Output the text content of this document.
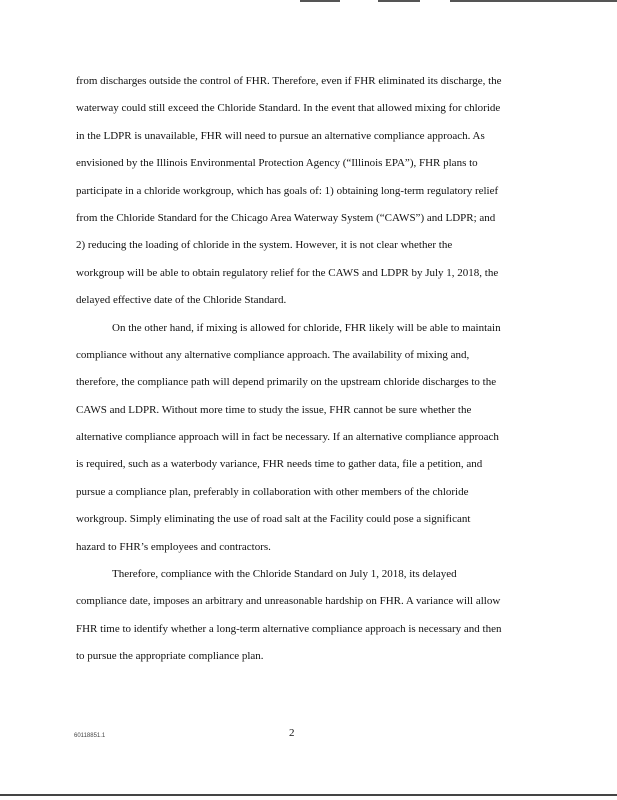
from discharges outside the control of FHR. Therefore, even if FHR eliminated its discharge, the
waterway could still exceed the Chloride Standard. In the event that allowed mixing for chloride
in the LDPR is unavailable, FHR will need to pursue an alternative compliance approach. As
envisioned by the Illinois Environmental Protection Agency (“Illinois EPA”), FHR plans to
participate in a chloride workgroup, which has goals of: 1) obtaining long-term regulatory relief
from the Chloride Standard for the Chicago Area Waterway System (“CAWS”) and LDPR; and
2) reducing the loading of chloride in the system. However, it is not clear whether the
workgroup will be able to obtain regulatory relief for the CAWS and LDPR by July 1, 2018, the
delayed effective date of the Chloride Standard.

On the other hand, if mixing is allowed for chloride, FHR likely will be able to maintain
compliance without any alternative compliance approach. The availability of mixing and,
therefore, the compliance path will depend primarily on the upstream chloride discharges to the
CAWS and LDPR. Without more time to study the issue, FHR cannot be sure whether the
alternative compliance approach will in fact be necessary. If an alternative compliance approach
is required, such as a waterbody variance, FHR needs time to gather data, file a petition, and
pursue a compliance plan, preferably in collaboration with other members of the chloride
workgroup. Simply eliminating the use of road salt at the Facility could pose a significant
hazard to FHR’s employees and contractors.

Therefore, compliance with the Chloride Standard on July 1, 2018, its delayed
compliance date, imposes an arbitrary and unreasonable hardship on FHR. A variance will allow
FHR time to identify whether a long-term alternative compliance approach is necessary and then
to pursue the appropriate compliance plan.

60118851.1	2
